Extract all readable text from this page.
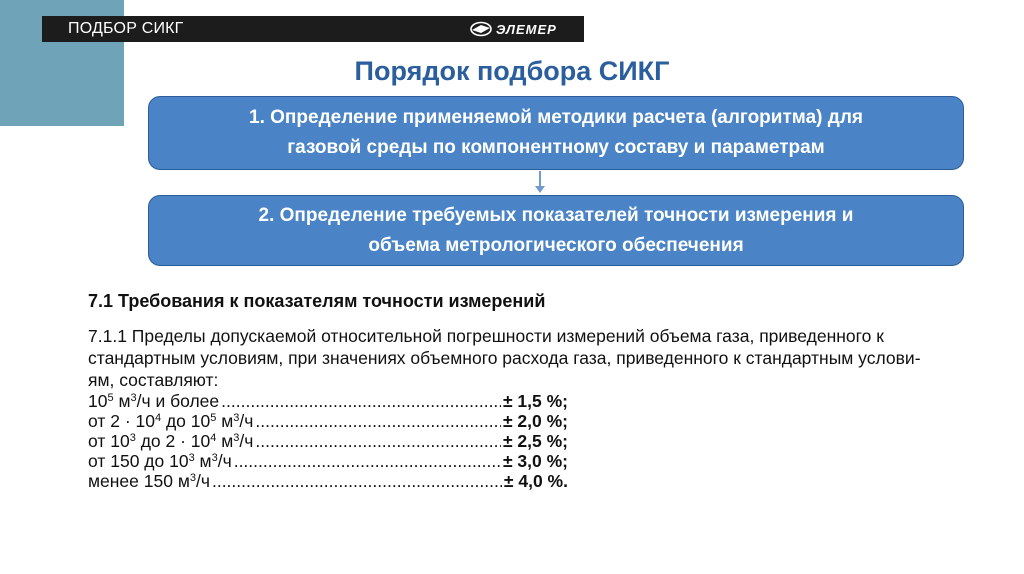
ПОДБОР СИКГ	ЭЛЕМЕР
Порядок подбора СИКГ
1. Определение применяемой методики расчета (алгоритма) для
газовой среды по компонентному составу и параметрам
2. Определение требуемых показателей точности измерения и
объема метрологического обеспечения
7.1 Требования к показателям точности измерений

7.1.1 Пределы допускаемой относительной погрешности измерений объема газа, приведенного к

стандартным условиям, при значениях объемного расхода газа, приведенного к стандартным услови-

ям, составляют:

$10^5$ $м^3/ч$ и более .....	± 1,5 %;
от $2 \cdot 10^4$ до $10^5$ $м^3/ч$ .....	± 2,0 %;
от $10^3$ до $2 \cdot 10^4$ $м^3/ч$ .....	± 2,5 %;
от 150 до $10^3$ $м^3/ч$ .....	± 3,0 %;
менее 150 $м^3/ч$ .....	± 4,0 %.
